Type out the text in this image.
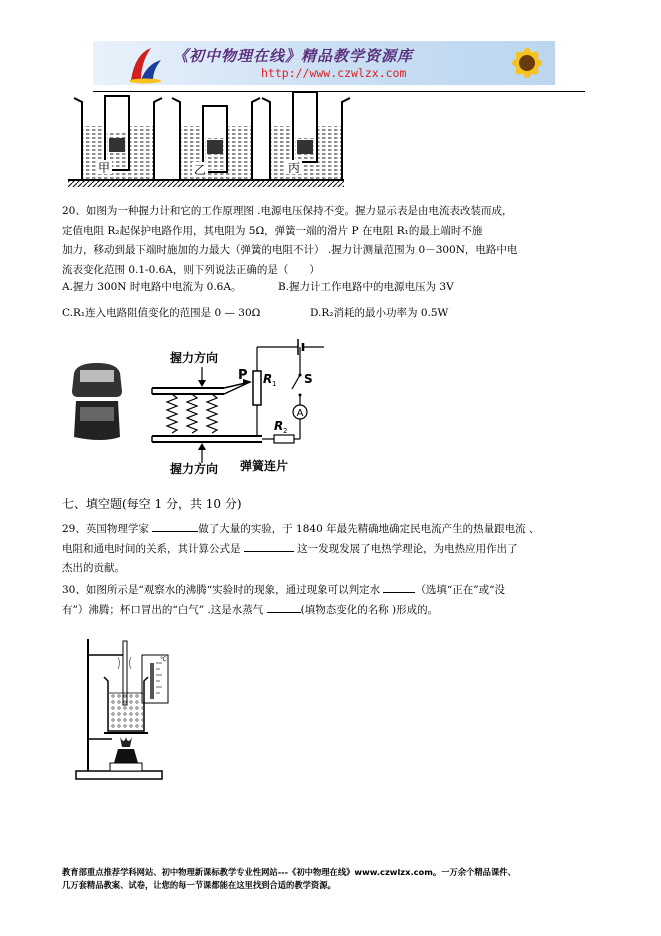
《初中物理在线》精品教学资源库
http://www.czwlzx.com
甲	乙	丙
20、如图为一种握力计和它的工作原理图 .电源电压保持不变。握力显示表是由电流表改装而成，
定值电阻 R₂起保护电路作用，其电阻为 5Ω，弹簧一端的滑片 P 在电阻 R₁的最上端时不施
加力，移动到最下端时施加的力最大（弹簧的电阻不计） .握力计测量范围为 0－300N，电路中电
流表变化范围 0.1-0.6A，则下列说法正确的是（　　）
A.握力 300N 时电路中电流为 0.6A。	B.握力计工作电路中的电源电压为 3V
C.R₁连入电路阻值变化的范围是 0 — 30Ω	D.R₂消耗的最小功率为 0.5W
握力方向
握力方向
P R 1 S
A
R 2
弹簧连片
七、填空题(每空 1 分，共 10 分)
29、英国物理学家	做了大量的实验，于 1840 年最先精确地确定民电流产生的热量跟电流 、
电阻和通电时间的关系，其计算公式是	这一发现发展了电热学理论，为电热应用作出了
杰出的贡献。
30、如图所示是“观察水的沸腾“实验时的现象，通过现象可以判定水	（选填“正在”或“没
有”）沸腾；杯口冒出的“白气” .这是水蒸气	(填物态变化的名称 )形成的。
℃
教育部重点推荐学科网站、初中物理新课标教学专业性网站---《初中物理在线》www.czwlzx.com。一万余个精品课件、
几万套精品教案、试卷，让您的每一节课都能在这里找到合适的教学资源。
